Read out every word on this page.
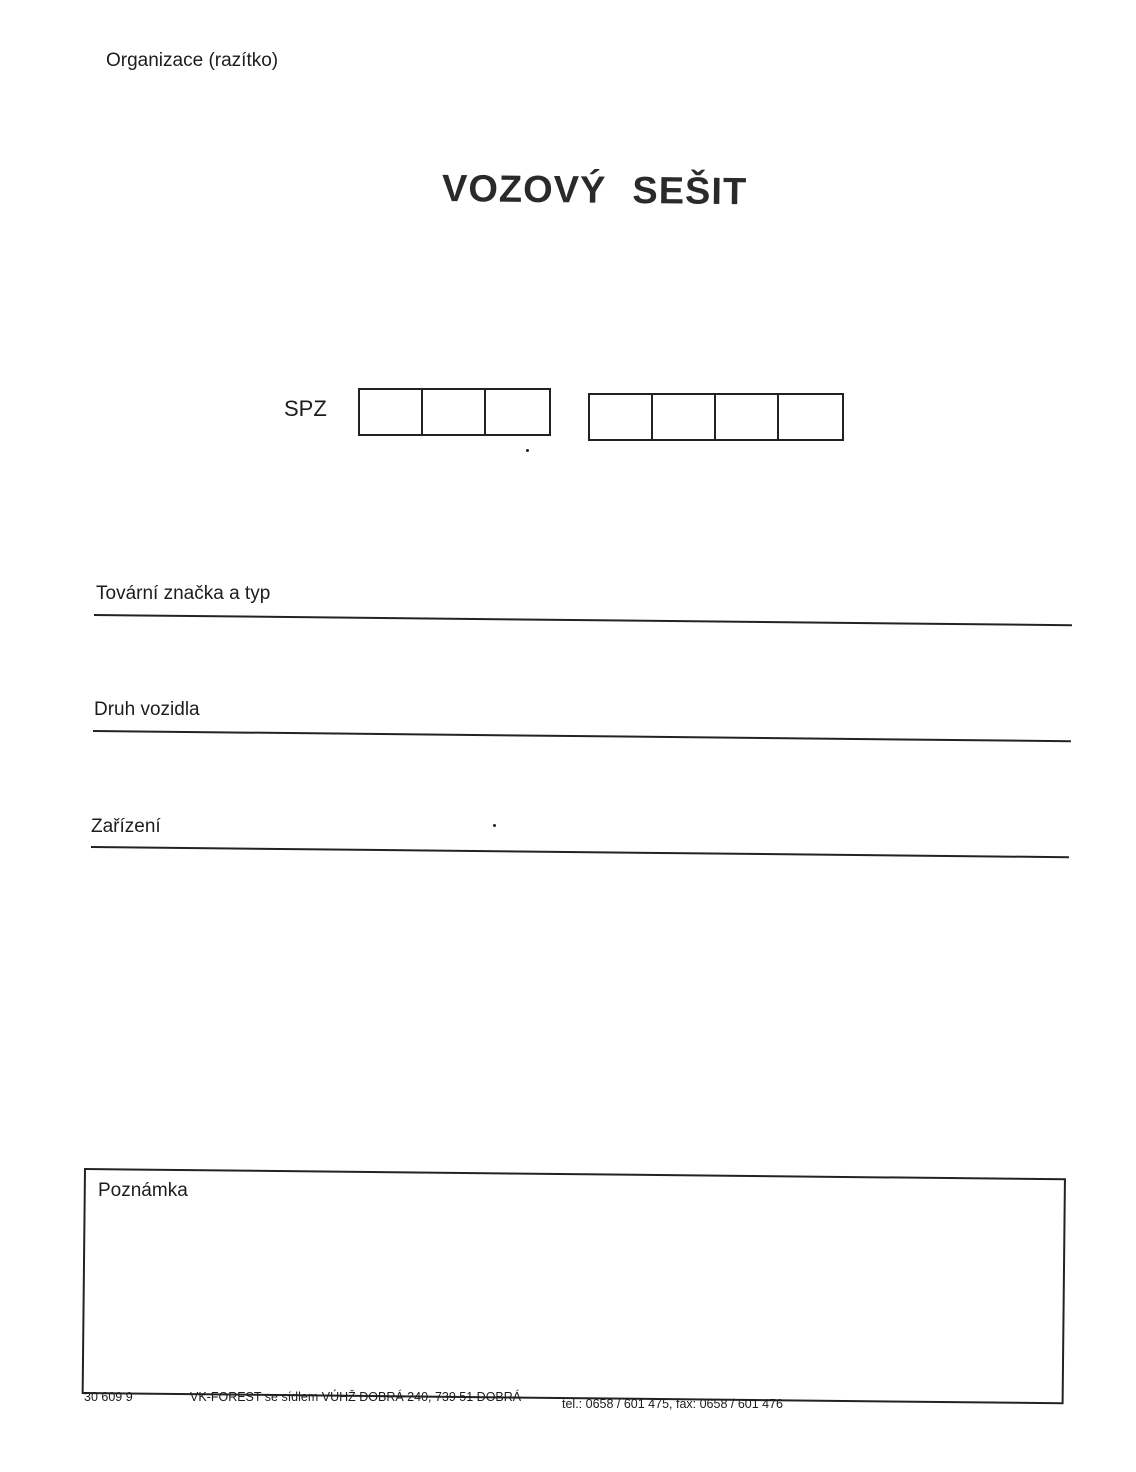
Organizace (razítko)
VOZOVÝ SEŠIT
SPZ
Tovární značka a typ
Druh vozidla
Zařízení
Poznámka
30 609 9	VK-FOREST se sídlem VÚHŽ DOBRÁ 240, 739 51 DOBRÁ	tel.: 0658 / 601 475, fax: 0658 / 601 476
